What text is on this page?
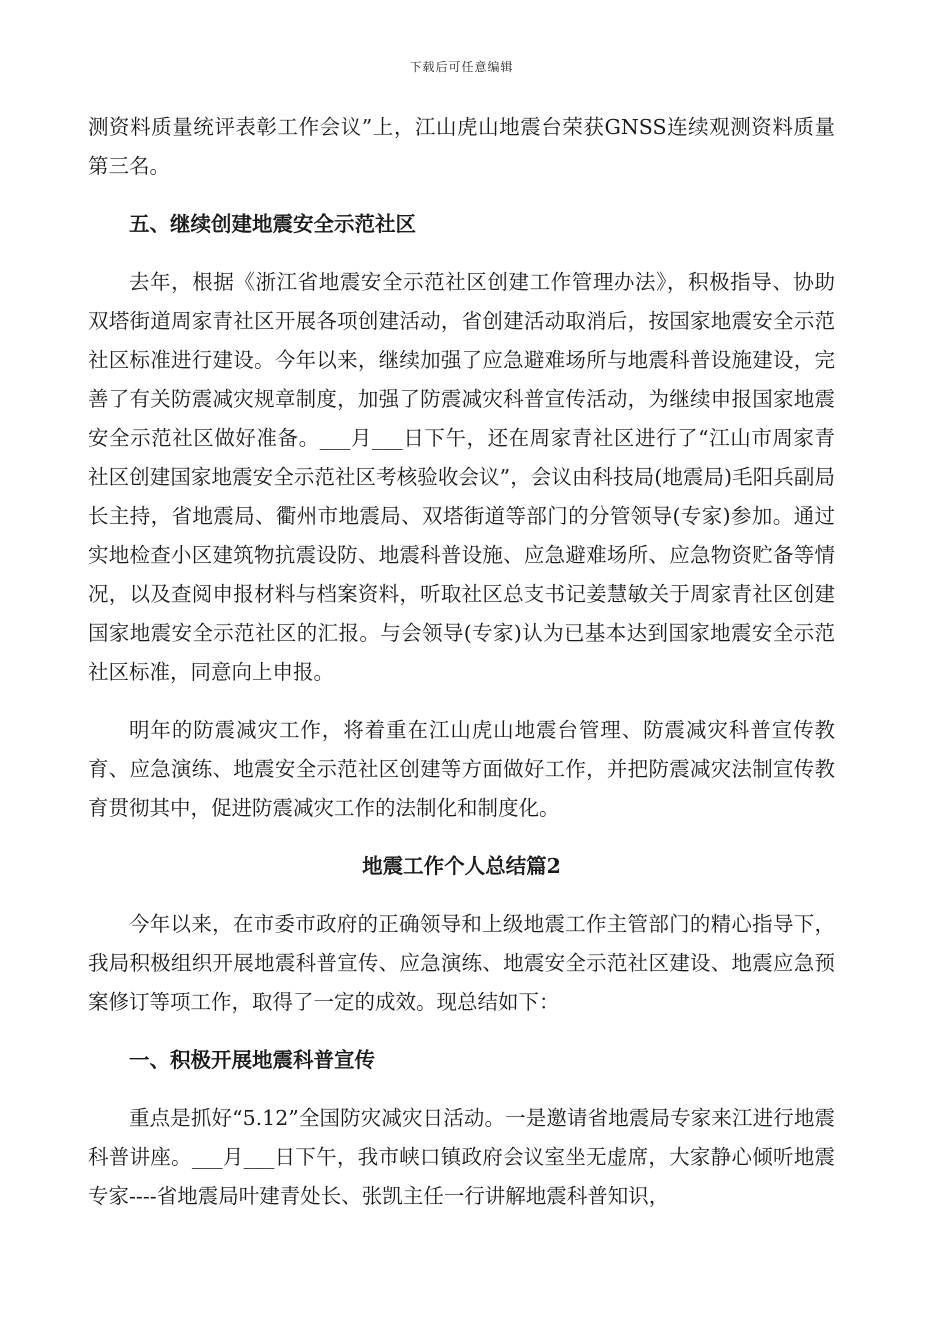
下载后可任意编辑

测资料质量统评表彰工作会议”上，江山虎山地震台荣获GNSS连续观测资料质量第三名。

五、继续创建地震安全示范社区

去年，根据《浙江省地震安全示范社区创建工作管理办法》，积极指导、协助双塔街道周家青社区开展各项创建活动，省创建活动取消后，按国家地震安全示范社区标准进行建设。今年以来，继续加强了应急避难场所与地震科普设施建设，完善了有关防震减灾规章制度，加强了防震减灾科普宣传活动，为继续申报国家地震安全示范社区做好准备。___月___日下午，还在周家青社区进行了“江山市周家青社区创建国家地震安全示范社区考核验收会议”，会议由科技局(地震局)毛阳兵副局长主持，省地震局、衢州市地震局、双塔街道等部门的分管领导(专家)参加。通过实地检查小区建筑物抗震设防、地震科普设施、应急避难场所、应急物资贮备等情况，以及查阅申报材料与档案资料，听取社区总支书记姜慧敏关于周家青社区创建国家地震安全示范社区的汇报。与会领导(专家)认为已基本达到国家地震安全示范社区标准，同意向上申报。

明年的防震减灾工作，将着重在江山虎山地震台管理、防震减灾科普宣传教育、应急演练、地震安全示范社区创建等方面做好工作，并把防震减灾法制宣传教育贯彻其中，促进防震减灾工作的法制化和制度化。

地震工作个人总结篇2

今年以来，在市委市政府的正确领导和上级地震工作主管部门的精心指导下，我局积极组织开展地震科普宣传、应急演练、地震安全示范社区建设、地震应急预案修订等项工作，取得了一定的成效。现总结如下：

一、积极开展地震科普宣传

重点是抓好“5.12”全国防灾减灾日活动。一是邀请省地震局专家来江进行地震科普讲座。___月___日下午，我市峡口镇政府会议室坐无虚席，大家静心倾听地震专家----省地震局叶建青处长、张凯主任一行讲解地震科普知识，
